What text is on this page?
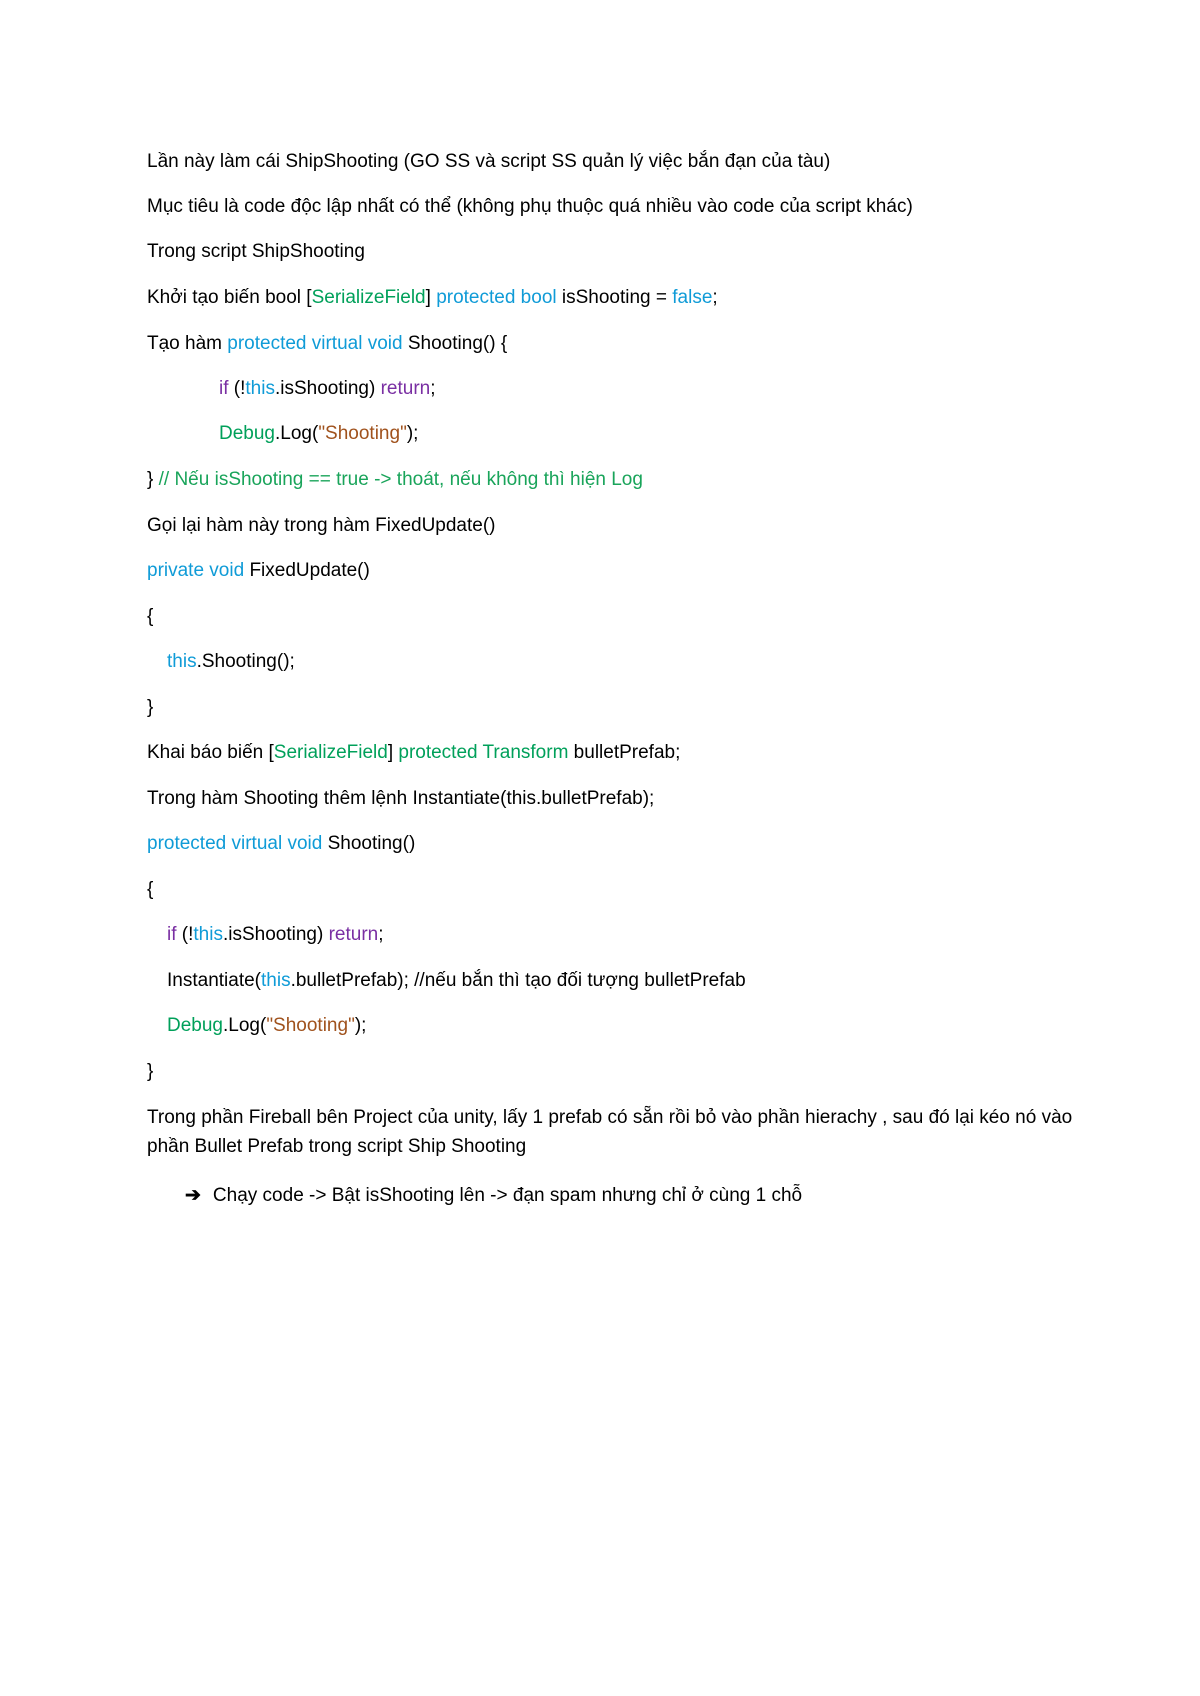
Lần này làm cái ShipShooting (GO SS và script SS quản lý việc bắn đạn của tàu)

Mục tiêu là code độc lập nhất có thể (không phụ thuộc quá nhiều vào code của script khác)

Trong script ShipShooting

Khởi tạo biến bool [SerializeField] protected bool isShooting = false;

Tạo hàm protected virtual void Shooting() {

if (!this.isShooting) return;

Debug.Log("Shooting");

} // Nếu isShooting == true -> thoát, nếu không thì hiện Log

Gọi lại hàm này trong hàm FixedUpdate()

private void FixedUpdate()

{

this.Shooting();

}

Khai báo biến [SerializeField] protected Transform bulletPrefab;

Trong hàm Shooting thêm lệnh Instantiate(this.bulletPrefab);

protected virtual void Shooting()

{

if (!this.isShooting) return;

Instantiate(this.bulletPrefab); //nếu bắn thì tạo đối tượng bulletPrefab

Debug.Log("Shooting");

}

Trong phần Fireball bên Project của unity, lấy 1 prefab có sẵn rồi bỏ vào phần hierachy , sau đó lại kéo nó vào phần Bullet Prefab trong script Ship Shooting

➔ Chạy code -> Bật isShooting lên -> đạn spam nhưng chỉ ở cùng 1 chỗ
